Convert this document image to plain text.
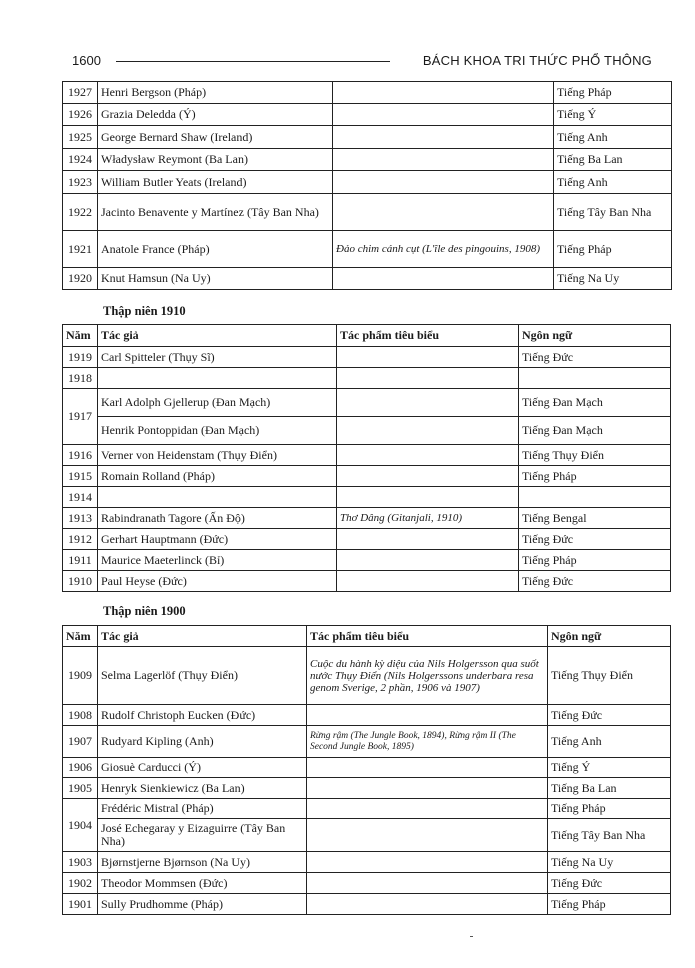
1600	BÁCH KHOA TRI THỨC PHỔ THÔNG
1927	Henri Bergson (Pháp)		Tiếng Pháp
1926	Grazia Deledda (Ý)		Tiếng Ý
1925	George Bernard Shaw (Ireland)		Tiếng Anh
1924	Władysław Reymont (Ba Lan)		Tiếng Ba Lan
1923	William Butler Yeats (Ireland)		Tiếng Anh
1922	Jacinto Benavente y Martínez (Tây Ban Nha)		Tiếng Tây Ban Nha
1921	Anatole France (Pháp)	Đảo chim cánh cụt (L'île des pingouins, 1908)	Tiếng Pháp
1920	Knut Hamsun (Na Uy)		Tiếng Na Uy
Thập niên 1910
Năm	Tác giả	Tác phẩm tiêu biểu	Ngôn ngữ
1919	Carl Spitteler (Thụy Sĩ)		Tiếng Đức
1918			
1917	Karl Adolph Gjellerup (Đan Mạch)		Tiếng Đan Mạch
	Henrik Pontoppidan (Đan Mạch)		Tiếng Đan Mạch
1916	Verner von Heidenstam (Thụy Điển)		Tiếng Thụy Điển
1915	Romain Rolland (Pháp)		Tiếng Pháp
1914			
1913	Rabindranath Tagore (Ấn Độ)	Thơ Dâng (Gitanjali, 1910)	Tiếng Bengal
1912	Gerhart Hauptmann (Đức)		Tiếng Đức
1911	Maurice Maeterlinck (Bỉ)		Tiếng Pháp
1910	Paul Heyse (Đức)		Tiếng Đức
Thập niên 1900
Năm	Tác giả	Tác phẩm tiêu biểu	Ngôn ngữ
1909	Selma Lagerlöf (Thụy Điển)	Cuộc du hành kỳ diệu của Nils Holgersson qua suốt nước Thụy Điển (Nils Holgerssons underbara resa genom Sverige, 2 phần, 1906 và 1907)	Tiếng Thụy Điển
1908	Rudolf Christoph Eucken (Đức)		Tiếng Đức
1907	Rudyard Kipling (Anh)	Rừng rậm (The Jungle Book, 1894), Rừng rậm II (The Second Jungle Book, 1895)	Tiếng Anh
1906	Giosuè Carducci (Ý)		Tiếng Ý
1905	Henryk Sienkiewicz (Ba Lan)		Tiếng Ba Lan
1904	Frédéric Mistral (Pháp)		Tiếng Pháp
	José Echegaray y Eizaguirre (Tây Ban Nha)		Tiếng Tây Ban Nha
1903	Bjørnstjerne Bjørnson (Na Uy)		Tiếng Na Uy
1902	Theodor Mommsen (Đức)		Tiếng Đức
1901	Sully Prudhomme (Pháp)		Tiếng Pháp
